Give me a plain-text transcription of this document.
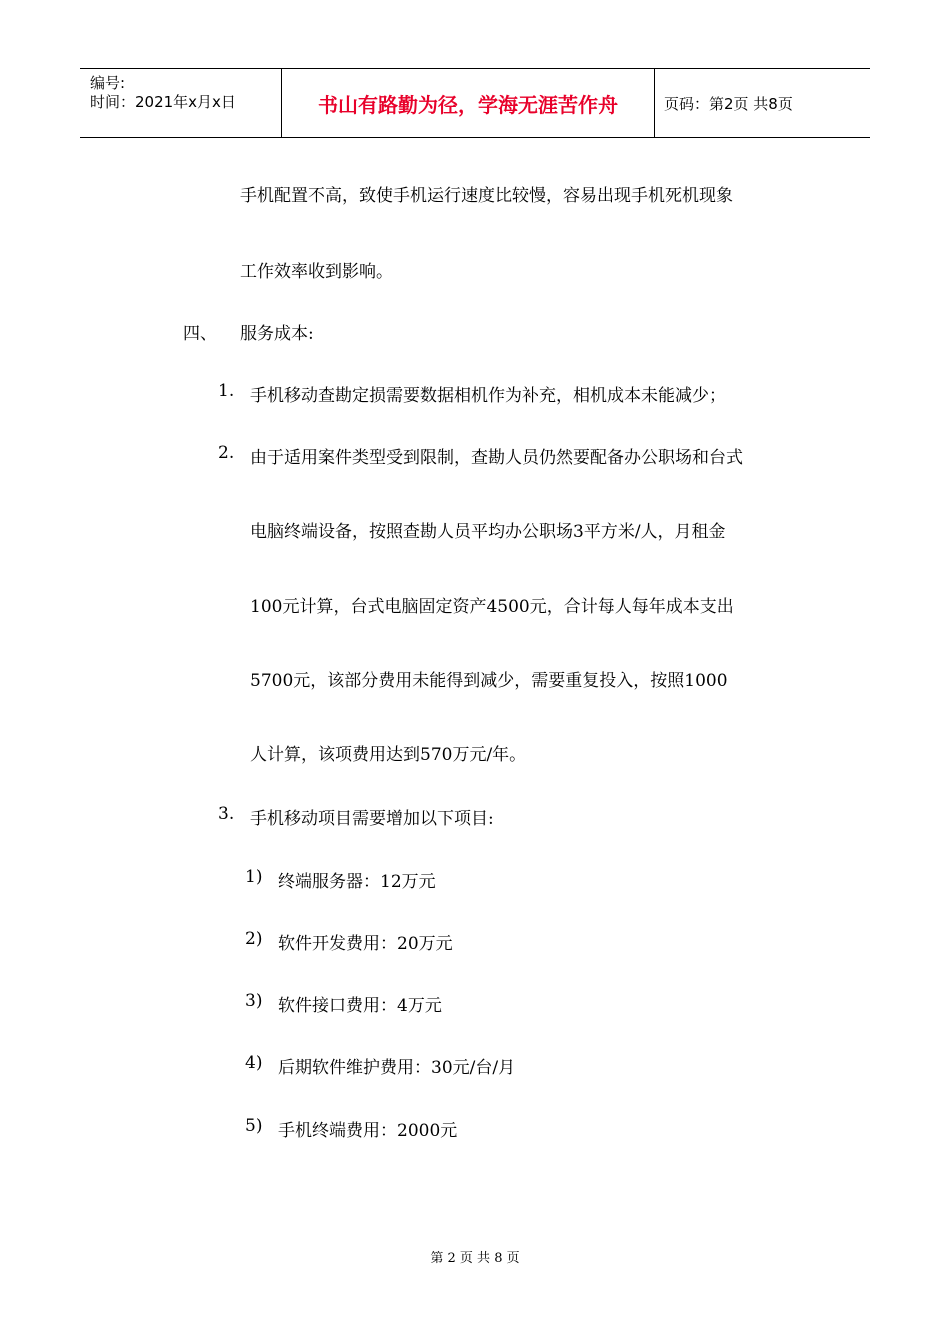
编号:
时间：2021年x月x日	书山有路勤为径，学海无涯苦作舟	页码：第2页 共8页
手机配置不高，致使手机运行速度比较慢，容易出现手机死机现象
工作效率收到影响。
四、 服务成本:
1. 手机移动查勘定损需要数据相机作为补充，相机成本未能减少；
2. 由于适用案件类型受到限制，查勘人员仍然要配备办公职场和台式
电脑终端设备，按照查勘人员平均办公职场3平方米/人，月租金
100元计算，台式电脑固定资产4500元，合计每人每年成本支出
5700元，该部分费用未能得到减少，需要重复投入，按照1000
人计算，该项费用达到570万元/年。
3. 手机移动项目需要增加以下项目:
1) 终端服务器：12万元
2) 软件开发费用：20万元
3) 软件接口费用：4万元
4) 后期软件维护费用：30元/台/月
5) 手机终端费用：2000元
第 2 页 共 8 页
